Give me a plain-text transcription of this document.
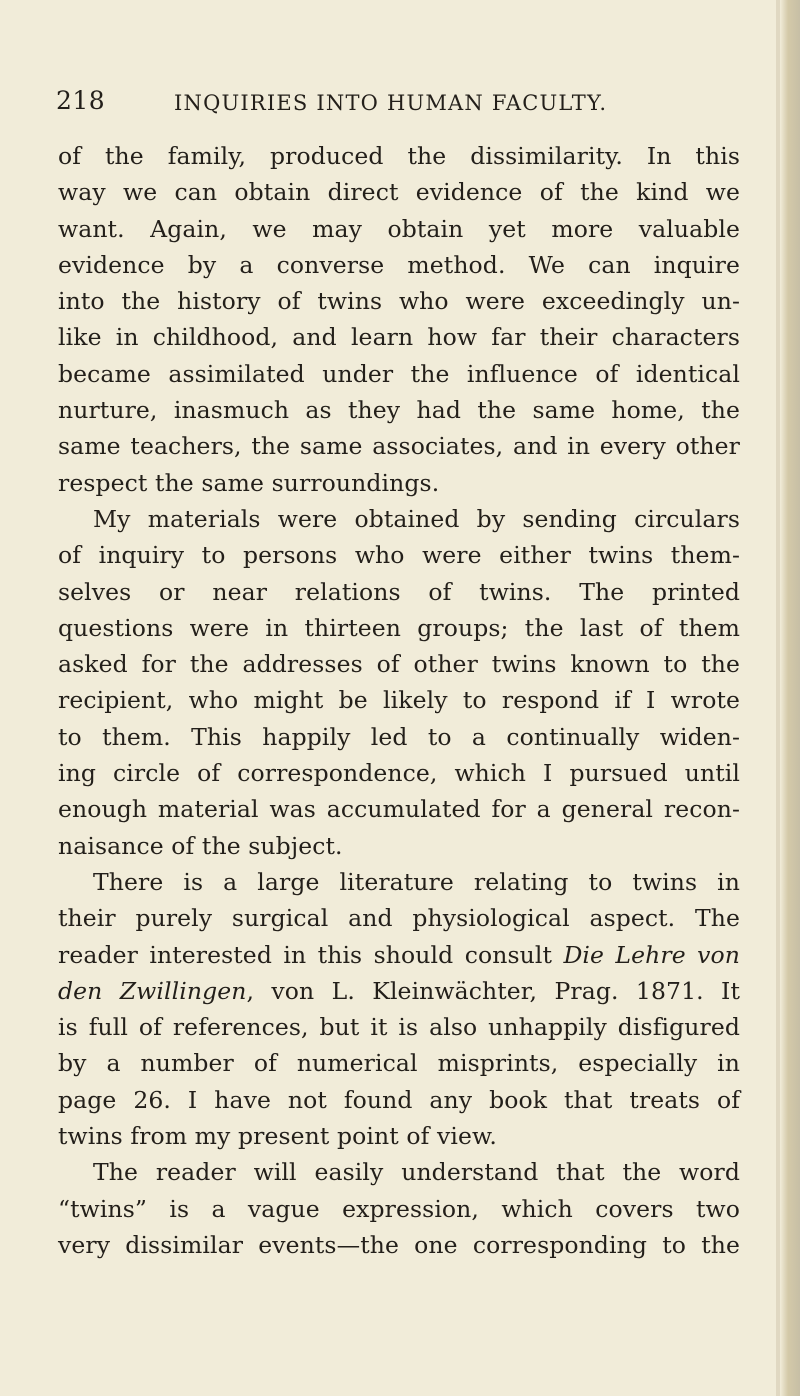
218	INQUIRIES INTO HUMAN FACULTY.
of the family, produced the dissimilarity. In this
way we can obtain direct evidence of the kind we
want. Again, we may obtain yet more valuable
evidence by a converse method. We can inquire
into the history of twins who were exceedingly un-
like in childhood, and learn how far their characters
became assimilated under the influence of identical
nurture, inasmuch as they had the same home, the
same teachers, the same associates, and in every other
respect the same surroundings.
My materials were obtained by sending circulars
of inquiry to persons who were either twins them-
selves or near relations of twins. The printed
questions were in thirteen groups; the last of them
asked for the addresses of other twins known to the
recipient, who might be likely to respond if I wrote
to them. This happily led to a continually widen-
ing circle of correspondence, which I pursued until
enough material was accumulated for a general recon-
naisance of the subject.
There is a large literature relating to twins in
their purely surgical and physiological aspect. The
reader interested in this should consult Die Lehre von
den Zwillingen, von L. Kleinwächter, Prag. 1871. It
is full of references, but it is also unhappily disfigured
by a number of numerical misprints, especially in
page 26. I have not found any book that treats of
twins from my present point of view.
The reader will easily understand that the word
“twins” is a vague expression, which covers two
very dissimilar events—the one corresponding to the
